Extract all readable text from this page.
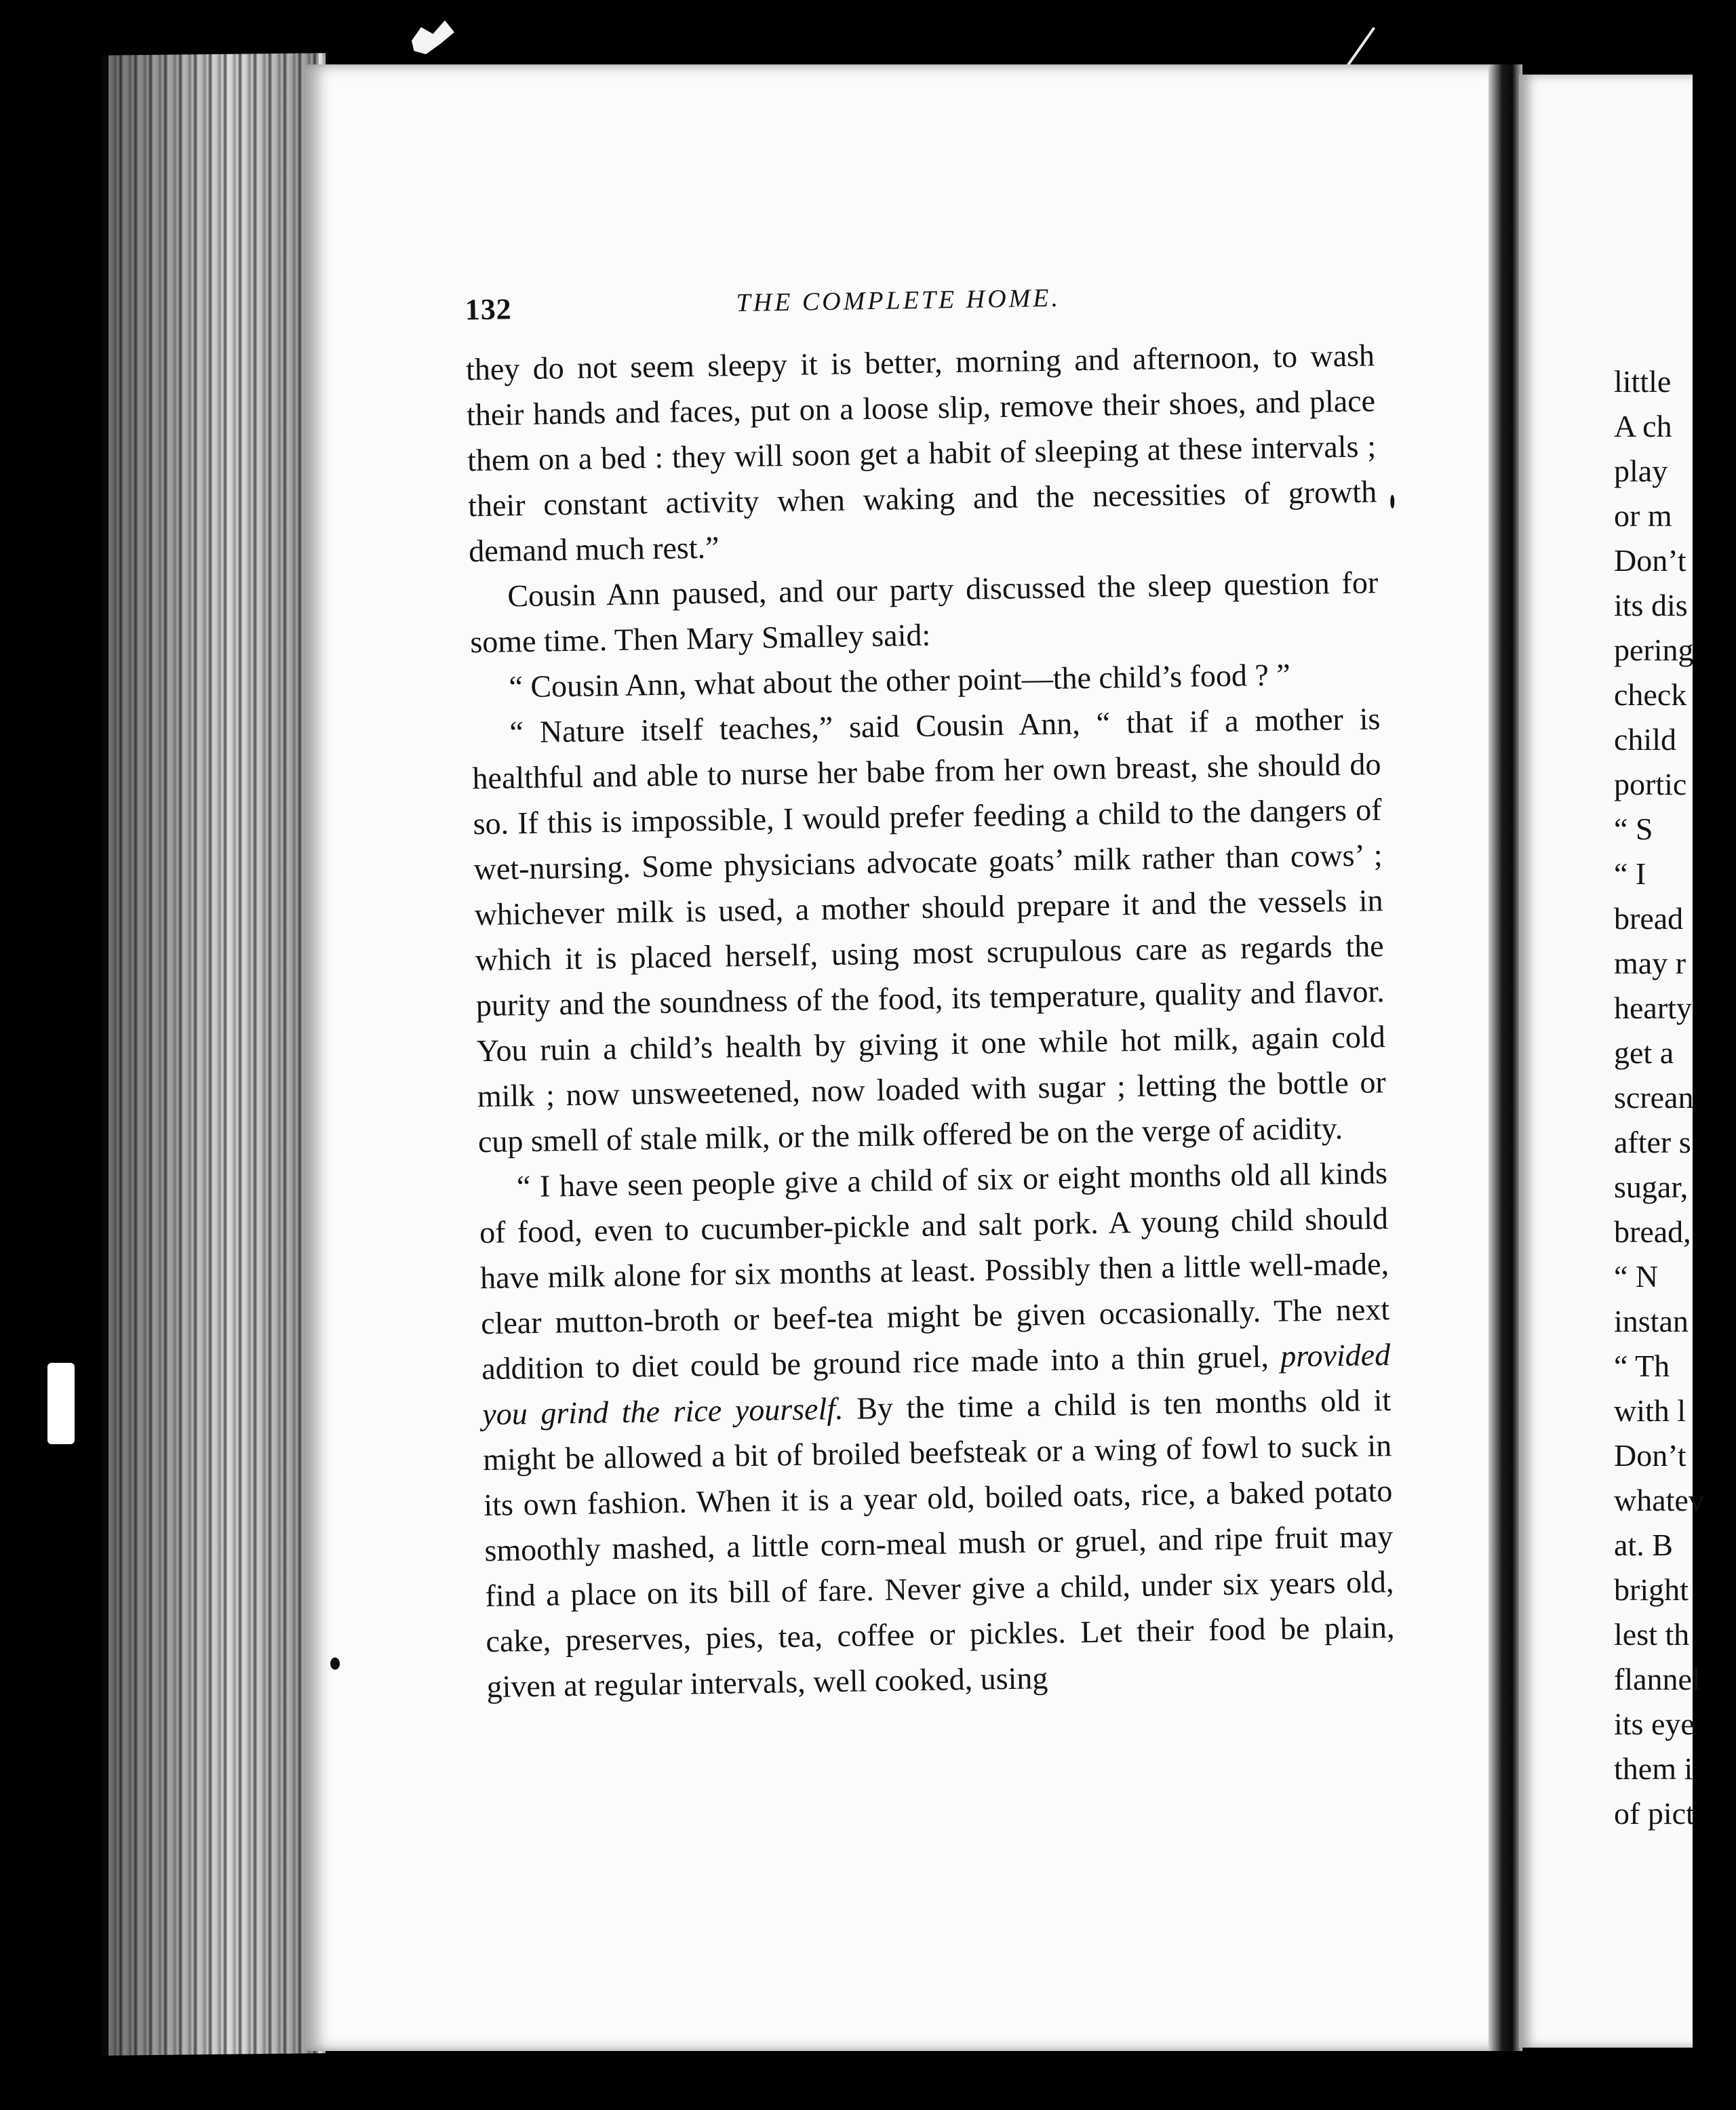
132	THE COMPLETE HOME.

they do not seem sleepy it is better, morning and afternoon, to wash their hands and faces, put on a loose slip, remove their shoes, and place them on a bed : they will soon get a habit of sleeping at these intervals ; their constant activity when waking and the necessities of growth demand much rest.”

Cousin Ann paused, and our party discussed the sleep question for some time. Then Mary Smalley said:

“ Cousin Ann, what about the other point—the child’s food ? ”

“ Nature itself teaches,” said Cousin Ann, “ that if a mother is healthful and able to nurse her babe from her own breast, she should do so. If this is impossible, I would prefer feeding a child to the dangers of wet-nursing. Some physicians advocate goats’ milk rather than cows’ ; whichever milk is used, a mother should prepare it and the vessels in which it is placed herself, using most scrupulous care as regards the purity and the soundness of the food, its temperature, quality and flavor. You ruin a child’s health by giving it one while hot milk, again cold milk ; now unsweetened, now loaded with sugar ; letting the bottle or cup smell of stale milk, or the milk offered be on the verge of acidity.

“ I have seen people give a child of six or eight months old all kinds of food, even to cucumber-pickle and salt pork. A young child should have milk alone for six months at least. Possibly then a little well-made, clear mutton-broth or beef-tea might be given occasionally. The next addition to diet could be ground rice made into a thin gruel, provided you grind the rice yourself. By the time a child is ten months old it might be allowed a bit of broiled beefsteak or a wing of fowl to suck in its own fashion. When it is a year old, boiled oats, rice, a baked potato smoothly mashed, a little corn-meal mush or gruel, and ripe fruit may find a place on its bill of fare. Never give a child, under six years old, cake, preserves, pies, tea, coffee or pickles. Let their food be plain, given at regular intervals, well cooked, using

little
A ch
play
or m
Don’t
its dis
pering
check
child
portic
“ S
“ I
bread
may r
hearty
get a
screan
after s
sugar,
bread,
“ N
instan
“ Th
with l
Don’t
whatev
at. B
bright
lest th
flannel
its eye
them i
of pict
